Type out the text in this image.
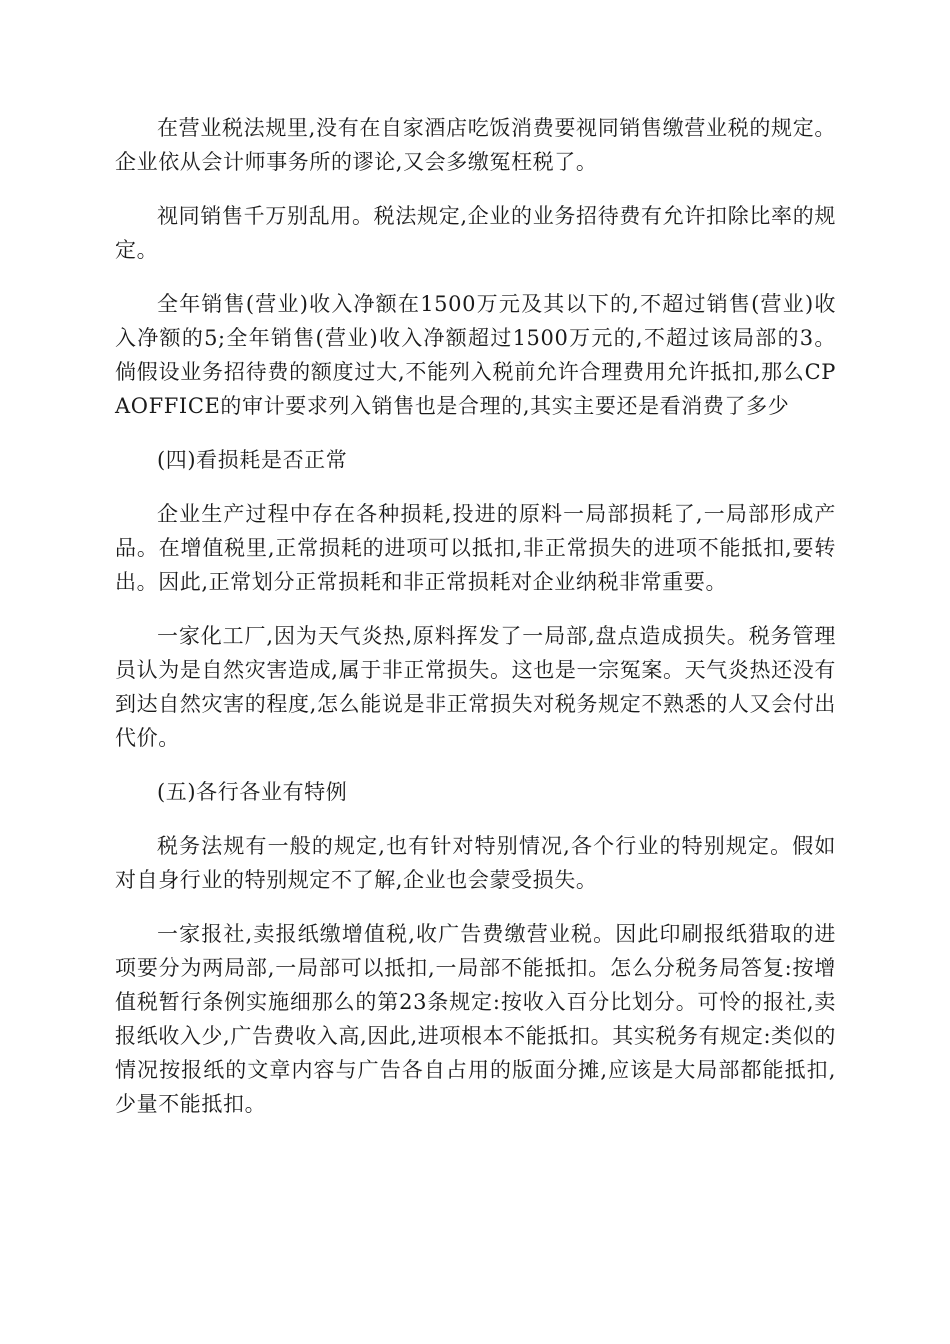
在营业税法规里,没有在自家酒店吃饭消费要视同销售缴营业税的规定。企业依从会计师事务所的谬论,又会多缴冤枉税了。

视同销售千万别乱用。税法规定,企业的业务招待费有允许扣除比率的规定。

全年销售(营业)收入净额在1500万元及其以下的,不超过销售(营业)收入净额的5;全年销售(营业)收入净额超过1500万元的,不超过该局部的3。倘假设业务招待费的额度过大,不能列入税前允许合理费用允许抵扣,那么CPAOFFICE的审计要求列入销售也是合理的,其实主要还是看消费了多少

(四)看损耗是否正常

企业生产过程中存在各种损耗,投进的原料一局部损耗了,一局部形成产品。在增值税里,正常损耗的进项可以抵扣,非正常损失的进项不能抵扣,要转出。因此,正常划分正常损耗和非正常损耗对企业纳税非常重要。

一家化工厂,因为天气炎热,原料挥发了一局部,盘点造成损失。税务管理员认为是自然灾害造成,属于非正常损失。这也是一宗冤案。天气炎热还没有到达自然灾害的程度,怎么能说是非正常损失对税务规定不熟悉的人又会付出代价。

(五)各行各业有特例

税务法规有一般的规定,也有针对特别情况,各个行业的特别规定。假如对自身行业的特别规定不了解,企业也会蒙受损失。

一家报社,卖报纸缴增值税,收广告费缴营业税。因此印刷报纸猎取的进项要分为两局部,一局部可以抵扣,一局部不能抵扣。怎么分税务局答复:按增值税暂行条例实施细那么的第23条规定:按收入百分比划分。可怜的报社,卖报纸收入少,广告费收入高,因此,进项根本不能抵扣。其实税务有规定:类似的情况按报纸的文章内容与广告各自占用的版面分摊,应该是大局部都能抵扣,少量不能抵扣。
